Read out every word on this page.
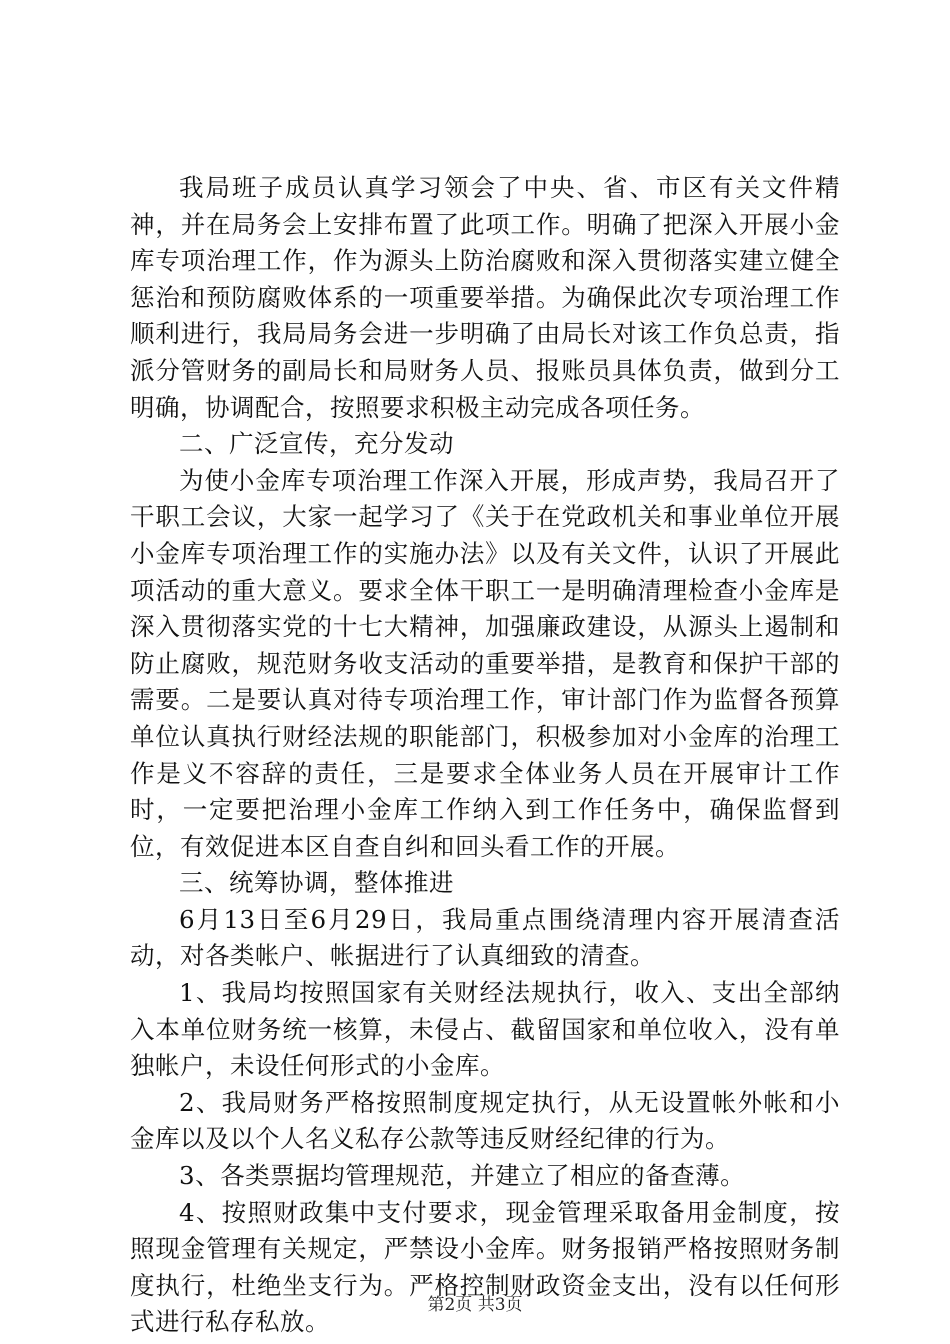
我局班子成员认真学习领会了中央、省、市区有关文件精神，并在局务会上安排布置了此项工作。明确了把深入开展小金库专项治理工作，作为源头上防治腐败和深入贯彻落实建立健全惩治和预防腐败体系的一项重要举措。为确保此次专项治理工作顺利进行，我局局务会进一步明确了由局长对该工作负总责，指派分管财务的副局长和局财务人员、报账员具体负责，做到分工明确，协调配合，按照要求积极主动完成各项任务。

二、广泛宣传，充分发动

为使小金库专项治理工作深入开展，形成声势，我局召开了干职工会议，大家一起学习了《关于在党政机关和事业单位开展小金库专项治理工作的实施办法》以及有关文件，认识了开展此项活动的重大意义。要求全体干职工一是明确清理检查小金库是深入贯彻落实党的十七大精神，加强廉政建设，从源头上遏制和防止腐败，规范财务收支活动的重要举措，是教育和保护干部的需要。二是要认真对待专项治理工作，审计部门作为监督各预算单位认真执行财经法规的职能部门，积极参加对小金库的治理工作是义不容辞的责任，三是要求全体业务人员在开展审计工作时，一定要把治理小金库工作纳入到工作任务中，确保监督到位，有效促进本区自查自纠和回头看工作的开展。

三、统筹协调，整体推进

6月13日至6月29日，我局重点围绕清理内容开展清查活动，对各类帐户、帐据进行了认真细致的清查。

1、我局均按照国家有关财经法规执行，收入、支出全部纳入本单位财务统一核算，未侵占、截留国家和单位收入，没有单独帐户，未设任何形式的小金库。

2、我局财务严格按照制度规定执行，从无设置帐外帐和小金库以及以个人名义私存公款等违反财经纪律的行为。

3、各类票据均管理规范，并建立了相应的备查薄。

4、按照财政集中支付要求，现金管理采取备用金制度，按照现金管理有关规定，严禁设小金库。财务报销严格按照财务制度执行，杜绝坐支行为。严格控制财政资金支出，没有以任何形式进行私存私放。

第2页 共3页
